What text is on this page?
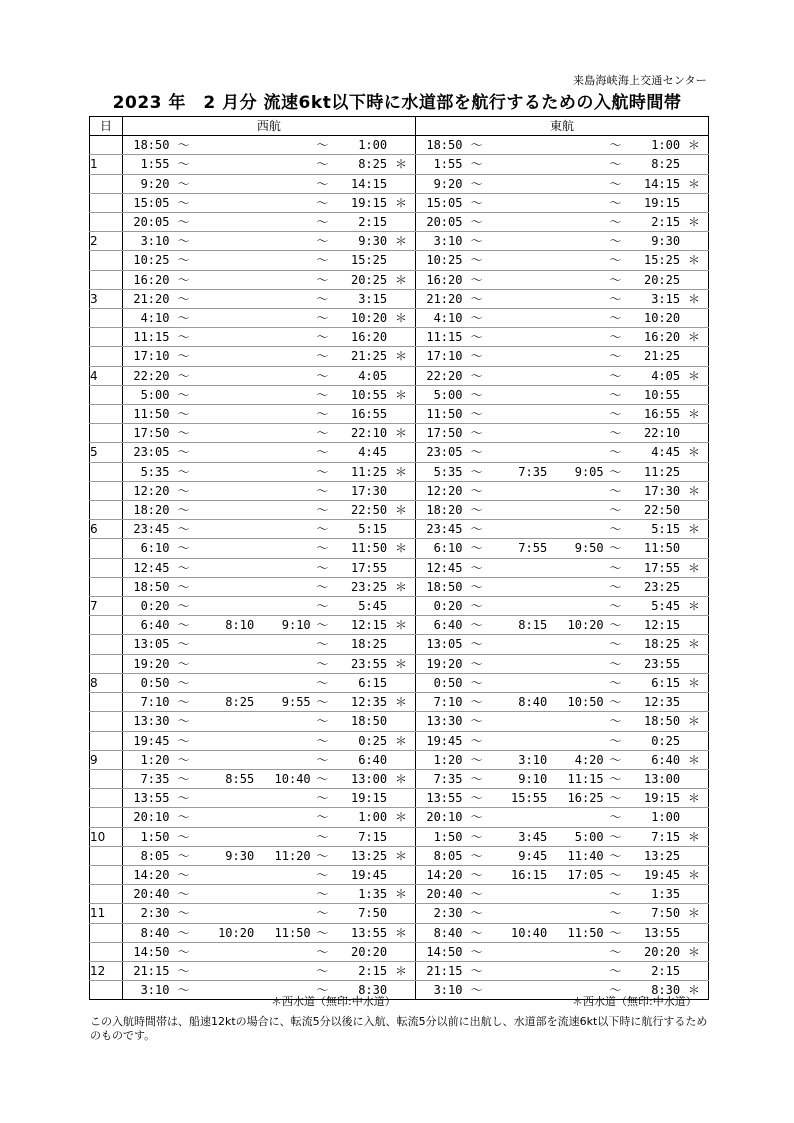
来島海峡海上交通センター
2023 年　2 月分 流速6kt以下時に水道部を航行するための入航時間帯
日	西航							東航						
	18:50	～			～	1:00		18:50	～			～	1:00	＊
1	1:55	～			～	8:25	＊	1:55	～			～	8:25	
	9:20	～			～	14:15		9:20	～			～	14:15	＊
	15:05	～			～	19:15	＊	15:05	～			～	19:15	
	20:05	～			～	2:15		20:05	～			～	2:15	＊
2	3:10	～			～	9:30	＊	3:10	～			～	9:30	
	10:25	～			～	15:25		10:25	～			～	15:25	＊
	16:20	～			～	20:25	＊	16:20	～			～	20:25	
3	21:20	～			～	3:15		21:20	～			～	3:15	＊
	4:10	～			～	10:20	＊	4:10	～			～	10:20	
	11:15	～			～	16:20		11:15	～			～	16:20	＊
	17:10	～			～	21:25	＊	17:10	～			～	21:25	
4	22:20	～			～	4:05		22:20	～			～	4:05	＊
	5:00	～			～	10:55	＊	5:00	～			～	10:55	
	11:50	～			～	16:55		11:50	～			～	16:55	＊
	17:50	～			～	22:10	＊	17:50	～			～	22:10	
5	23:05	～			～	4:45		23:05	～			～	4:45	＊
	5:35	～			～	11:25	＊	5:35	～	7:35	9:05	～	11:25	
	12:20	～			～	17:30		12:20	～			～	17:30	＊
	18:20	～			～	22:50	＊	18:20	～			～	22:50	
6	23:45	～			～	5:15		23:45	～			～	5:15	＊
	6:10	～			～	11:50	＊	6:10	～	7:55	9:50	～	11:50	
	12:45	～			～	17:55		12:45	～			～	17:55	＊
	18:50	～			～	23:25	＊	18:50	～			～	23:25	
7	0:20	～			～	5:45		0:20	～			～	5:45	＊
	6:40	～	8:10	9:10	～	12:15	＊	6:40	～	8:15	10:20	～	12:15	
	13:05	～			～	18:25		13:05	～			～	18:25	＊
	19:20	～			～	23:55	＊	19:20	～			～	23:55	
8	0:50	～			～	6:15		0:50	～			～	6:15	＊
	7:10	～	8:25	9:55	～	12:35	＊	7:10	～	8:40	10:50	～	12:35	
	13:30	～			～	18:50		13:30	～			～	18:50	＊
	19:45	～			～	0:25	＊	19:45	～			～	0:25	
9	1:20	～			～	6:40		1:20	～	3:10	4:20	～	6:40	＊
	7:35	～	8:55	10:40	～	13:00	＊	7:35	～	9:10	11:15	～	13:00	
	13:55	～			～	19:15		13:55	～	15:55	16:25	～	19:15	＊
	20:10	～			～	1:00	＊	20:10	～			～	1:00	
10	1:50	～			～	7:15		1:50	～	3:45	5:00	～	7:15	＊
	8:05	～	9:30	11:20	～	13:25	＊	8:05	～	9:45	11:40	～	13:25	
	14:20	～			～	19:45		14:20	～	16:15	17:05	～	19:45	＊
	20:40	～			～	1:35	＊	20:40	～			～	1:35	
11	2:30	～			～	7:50		2:30	～			～	7:50	＊
	8:40	～	10:20	11:50	～	13:55	＊	8:40	～	10:40	11:50	～	13:55	
	14:50	～			～	20:20		14:50	～			～	20:20	＊
12	21:15	～			～	2:15	＊	21:15	～			～	2:15	
	3:10	～			～	8:30		3:10	～			～	8:30	＊
＊西水道（無印:中水道）	＊西水道（無印:中水道）
この入航時間帯は、船速12ktの場合に、転流5分以後に入航、転流5分以前に出航し、水道部を流速6kt以下時に航行するためのものです。
